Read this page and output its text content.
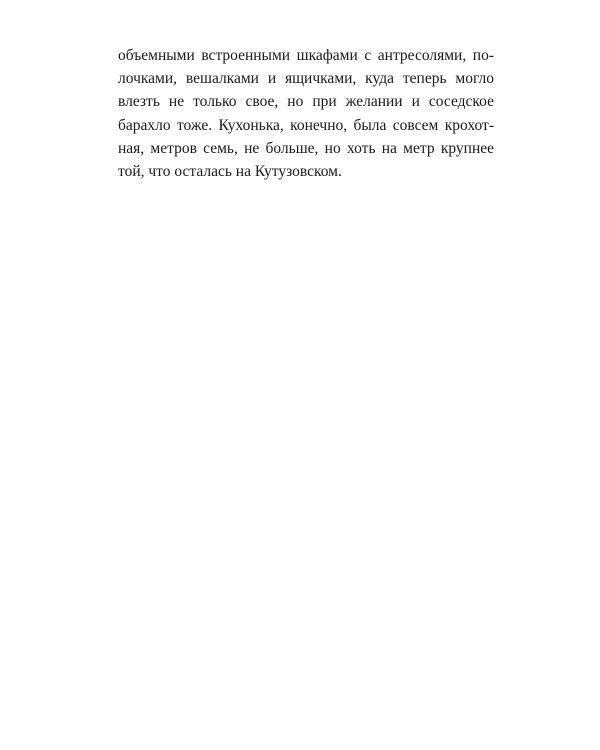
объемными встроенными шкафами с антресолями, по-
лочками, вешалками и ящичками, куда теперь могло
влезть не только свое, но при желании и соседское
барахло тоже. Кухонька, конечно, была совсем крохот-
ная, метров семь, не больше, но хоть на метр крупнее
той, что осталась на Кутузовском.
